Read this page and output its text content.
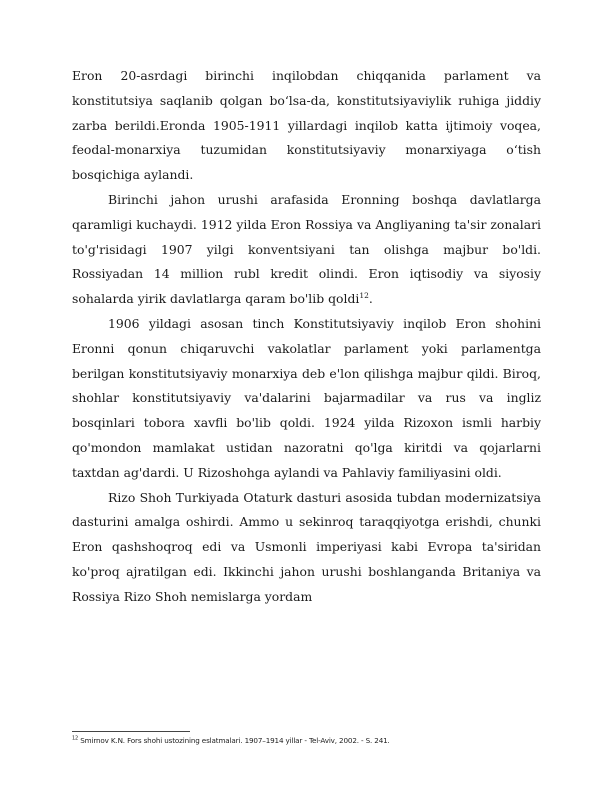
Eron 20-asrdagi birinchi inqilobdan chiqqanida parlament va konstitutsiya saqlanib qolgan bo‘lsa-da, konstitutsiyaviylik ruhiga jiddiy zarba berildi.Eronda 1905-1911 yillardagi inqilob katta ijtimoiy voqea, feodal-monarxiya tuzumidan konstitutsiyaviy monarxiyaga o‘tish bosqichiga aylandi.

Birinchi jahon urushi arafasida Eronning boshqa davlatlarga qaramligi kuchaydi. 1912 yilda Eron Rossiya va Angliyaning ta'sir zonalari to'g'risidagi 1907 yilgi konventsiyani tan olishga majbur bo'ldi. Rossiyadan 14 million rubl kredit olindi. Eron iqtisodiy va siyosiy sohalarda yirik davlatlarga qaram bo'lib qoldi$^{12}$.

1906 yildagi asosan tinch Konstitutsiyaviy inqilob Eron shohini Eronni qonun chiqaruvchi vakolatlar parlament yoki parlamentga berilgan konstitutsiyaviy monarxiya deb e'lon qilishga majbur qildi. Biroq, shohlar konstitutsiyaviy va'dalarini bajarmadilar va rus va ingliz bosqinlari tobora xavfli bo'lib qoldi. 1924 yilda Rizoxon ismli harbiy qo'mondon mamlakat ustidan nazoratni qo'lga kiritdi va qojarlarni taxtdan ag'dardi. U Rizoshohga aylandi va Pahlaviy familiyasini oldi.

Rizo Shoh Turkiyada Otaturk dasturi asosida tubdan modernizatsiya dasturini amalga oshirdi. Ammo u sekinroq taraqqiyotga erishdi, chunki Eron qashshoqroq edi va Usmonli imperiyasi kabi Evropa ta'siridan ko'proq ajratilgan edi. Ikkinchi jahon urushi boshlanganda Britaniya va Rossiya Rizo Shoh nemislarga yordam

$^{12}$ Smirnov K.N. Fors shohi ustozining eslatmalari. 1907–1914 yillar - Tel-Aviv, 2002. - S. 241.
